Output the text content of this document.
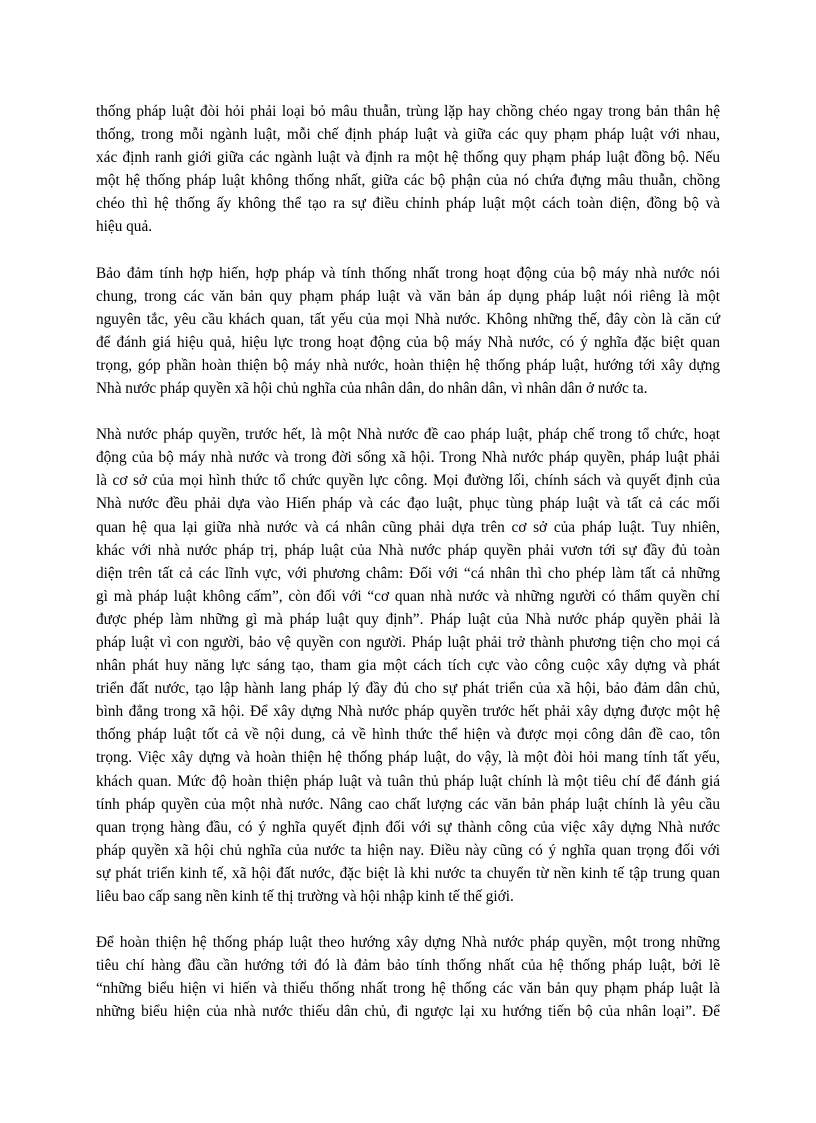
thống pháp luật đòi hỏi phải loại bỏ mâu thuẫn, trùng lặp hay chồng chéo ngay trong bản thân hệ
thống, trong mỗi ngành luật, mỗi chế định pháp luật và giữa các quy phạm pháp luật với nhau,
xác định ranh giới giữa các ngành luật và định ra một hệ thống quy phạm pháp luật đồng bộ. Nếu
một hệ thống pháp luật không thống nhất, giữa các bộ phận của nó chứa đựng mâu thuẫn, chồng
chéo thì hệ thống ấy không thể tạo ra sự điều chỉnh pháp luật một cách toàn diện, đồng bộ và
hiệu quả.

Bảo đảm tính hợp hiến, hợp pháp và tính thống nhất trong hoạt động của bộ máy nhà nước nói
chung, trong các văn bản quy phạm pháp luật và văn bản áp dụng pháp luật nói riêng là một
nguyên tắc, yêu cầu khách quan, tất yếu của mọi Nhà nước. Không những thế, đây còn là căn cứ
để đánh giá hiệu quả, hiệu lực trong hoạt động của bộ máy Nhà nước, có ý nghĩa đặc biệt quan
trọng, góp phần hoàn thiện bộ máy nhà nước, hoàn thiện hệ thống pháp luật, hướng tới xây dựng
Nhà nước pháp quyền xã hội chủ nghĩa của nhân dân, do nhân dân, vì nhân dân ở nước ta.

Nhà nước pháp quyền, trước hết, là một Nhà nước đề cao pháp luật, pháp chế trong tổ chức, hoạt
động của bộ máy nhà nước và trong đời sống xã hội. Trong Nhà nước pháp quyền, pháp luật phải
là cơ sở của mọi hình thức tổ chức quyền lực công. Mọi đường lối, chính sách và quyết định của
Nhà nước đều phải dựa vào Hiến pháp và các đạo luật, phục tùng pháp luật và tất cả các mối
quan hệ qua lại giữa nhà nước và cá nhân cũng phải dựa trên cơ sở của pháp luật. Tuy nhiên,
khác với nhà nước pháp trị, pháp luật của Nhà nước pháp quyền phải vươn tới sự đầy đủ toàn
diện trên tất cả các lĩnh vực, với phương châm: Đối với “cá nhân thì cho phép làm tất cả những
gì mà pháp luật không cấm”, còn đối với “cơ quan nhà nước và những người có thẩm quyền chỉ
được phép làm những gì mà pháp luật quy định”. Pháp luật của Nhà nước pháp quyền phải là
pháp luật vì con người, bảo vệ quyền con người. Pháp luật phải trở thành phương tiện cho mọi cá
nhân phát huy năng lực sáng tạo, tham gia một cách tích cực vào công cuộc xây dựng và phát
triển đất nước, tạo lập hành lang pháp lý đầy đủ cho sự phát triển của xã hội, bảo đảm dân chủ,
bình đẳng trong xã hội. Để xây dựng Nhà nước pháp quyền trước hết phải xây dựng được một hệ
thống pháp luật tốt cả về nội dung, cả về hình thức thể hiện và được mọi công dân đề cao, tôn
trọng. Việc xây dựng và hoàn thiện hệ thống pháp luật, do vậy, là một đòi hỏi mang tính tất yếu,
khách quan. Mức độ hoàn thiện pháp luật và tuân thủ pháp luật chính là một tiêu chí để đánh giá
tính pháp quyền của một nhà nước. Nâng cao chất lượng các văn bản pháp luật chính là yêu cầu
quan trọng hàng đầu, có ý nghĩa quyết định đối với sự thành công của việc xây dựng Nhà nước
pháp quyền xã hội chủ nghĩa của nước ta hiện nay. Điều này cũng có ý nghĩa quan trọng đối với
sự phát triển kinh tế, xã hội đất nước, đặc biệt là khi nước ta chuyển từ nền kinh tế tập trung quan
liêu bao cấp sang nền kinh tế thị trường và hội nhập kinh tế thế giới.

Để hoàn thiện hệ thống pháp luật theo hướng xây dựng Nhà nước pháp quyền, một trong những
tiêu chí hàng đầu cần hướng tới đó là đảm bảo tính thống nhất của hệ thống pháp luật, bởi lẽ
“những biểu hiện vi hiến và thiếu thống nhất trong hệ thống các văn bản quy phạm pháp luật là
những biểu hiện của nhà nước thiếu dân chủ, đi ngược lại xu hướng tiến bộ của nhân loại”. Để
